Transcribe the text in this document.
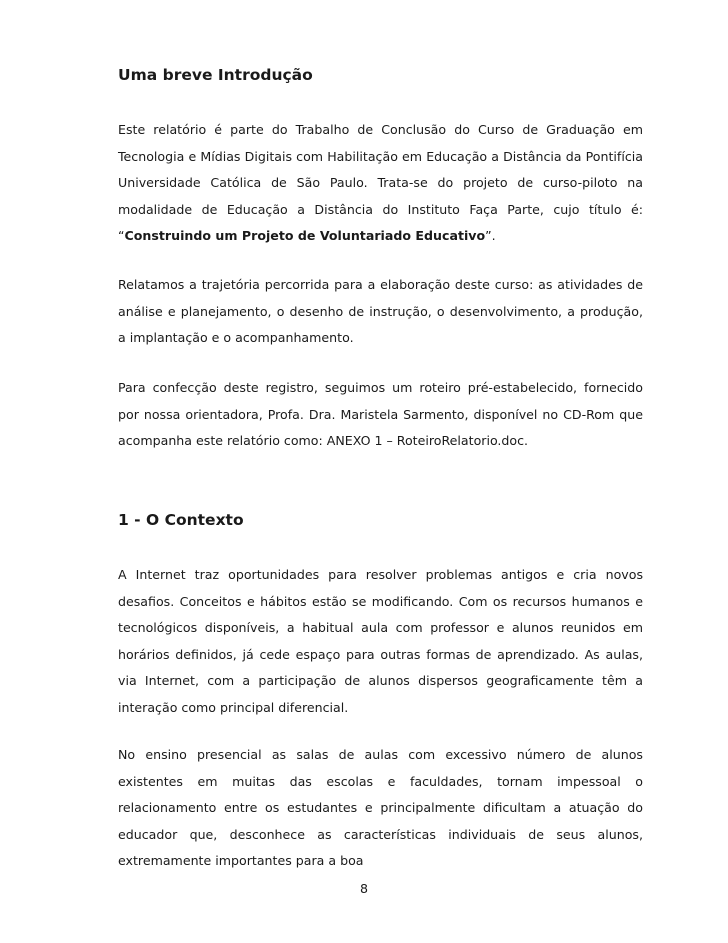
Uma breve Introdução

Este relatório é parte do Trabalho de Conclusão do Curso de Graduação em Tecnologia e Mídias Digitais com Habilitação em Educação a Distância da Pontifícia Universidade Católica de São Paulo. Trata-se do projeto de curso-piloto na modalidade de Educação a Distância do Instituto Faça Parte, cujo título é: “Construindo um Projeto de Voluntariado Educativo”.

Relatamos a trajetória percorrida para a elaboração deste curso: as atividades de análise e planejamento, o desenho de instrução, o desenvolvimento, a produção, a implantação e o acompanhamento.

Para confecção deste registro, seguimos um roteiro pré-estabelecido, fornecido por nossa orientadora, Profa. Dra. Maristela Sarmento, disponível no CD-Rom que acompanha este relatório como: ANEXO 1 – RoteiroRelatorio.doc.

1 - O Contexto

A Internet traz oportunidades para resolver problemas antigos e cria novos desafios. Conceitos e hábitos estão se modificando. Com os recursos humanos e tecnológicos disponíveis, a habitual aula com professor e alunos reunidos em horários definidos, já cede espaço para outras formas de aprendizado. As aulas, via Internet, com a participação de alunos dispersos geograficamente têm a interação como principal diferencial.

No ensino presencial as salas de aulas com excessivo número de alunos existentes em muitas das escolas e faculdades, tornam impessoal o relacionamento entre os estudantes e principalmente dificultam a atuação do educador que, desconhece as características individuais de seus alunos, extremamente importantes para a boa

8
